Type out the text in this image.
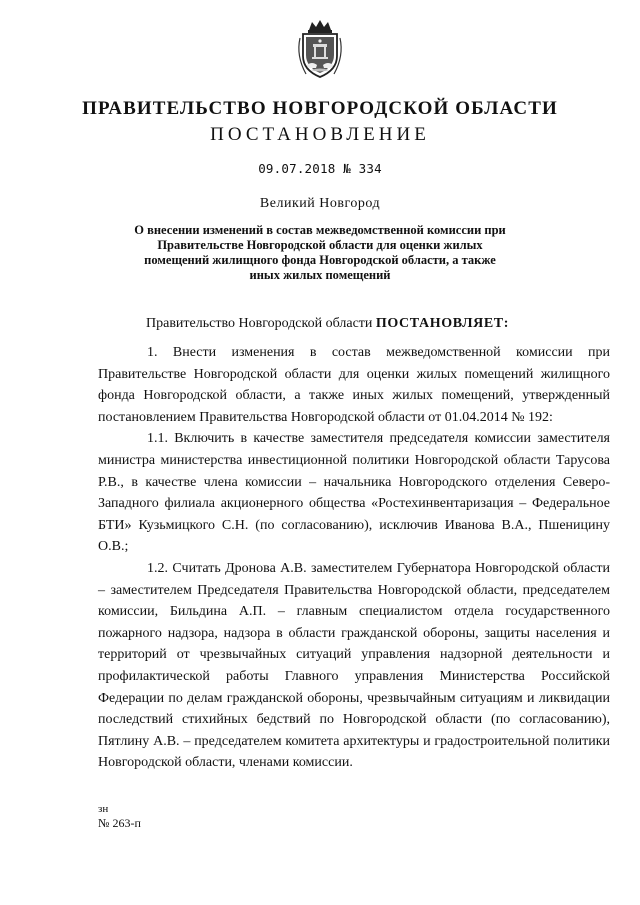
ПРАВИТЕЛЬСТВО НОВГОРОДСКОЙ ОБЛАСТИ
ПОСТАНОВЛЕНИЕ
09.07.2018 № 334
Великий Новгород
О внесении изменений в состав межведомственной комиссии при Правительстве Новгородской области для оценки жилых помещений жилищного фонда Новгородской области, а также иных жилых помещений
Правительство Новгородской области ПОСТАНОВЛЯЕТ:

1. Внести изменения в состав межведомственной комиссии при Правительстве Новгородской области для оценки жилых помещений жилищного фонда Новгородской области, а также иных жилых помещений, утвержденный постановлением Правительства Новгородской области от 01.04.2014 № 192:

1.1. Включить в качестве заместителя председателя комиссии заместителя министра министерства инвестиционной политики Новгородской области Тарусова Р.В., в качестве члена комиссии – начальника Новгородского отделения Северо-Западного филиала акционерного общества «Ростехинвентаризация – Федеральное БТИ» Кузьмицкого С.Н. (по согласованию), исключив Иванова В.А., Пшеницину О.В.;

1.2. Считать Дронова А.В. заместителем Губернатора Новгородской области – заместителем Председателя Правительства Новгородской области, председателем комиссии, Бильдина А.П. – главным специалистом отдела государственного пожарного надзора, надзора в области гражданской обороны, защиты населения и территорий от чрезвычайных ситуаций управления надзорной деятельности и профилактической работы Главного управления Министерства Российской Федерации по делам гражданской обороны, чрезвычайным ситуациям и ликвидации последствий стихийных бедствий по Новгородской области (по согласованию), Пятлину А.В. – председателем комитета архитектуры и градостроительной политики Новгородской области, членами комиссии.

зн
№ 263-п
